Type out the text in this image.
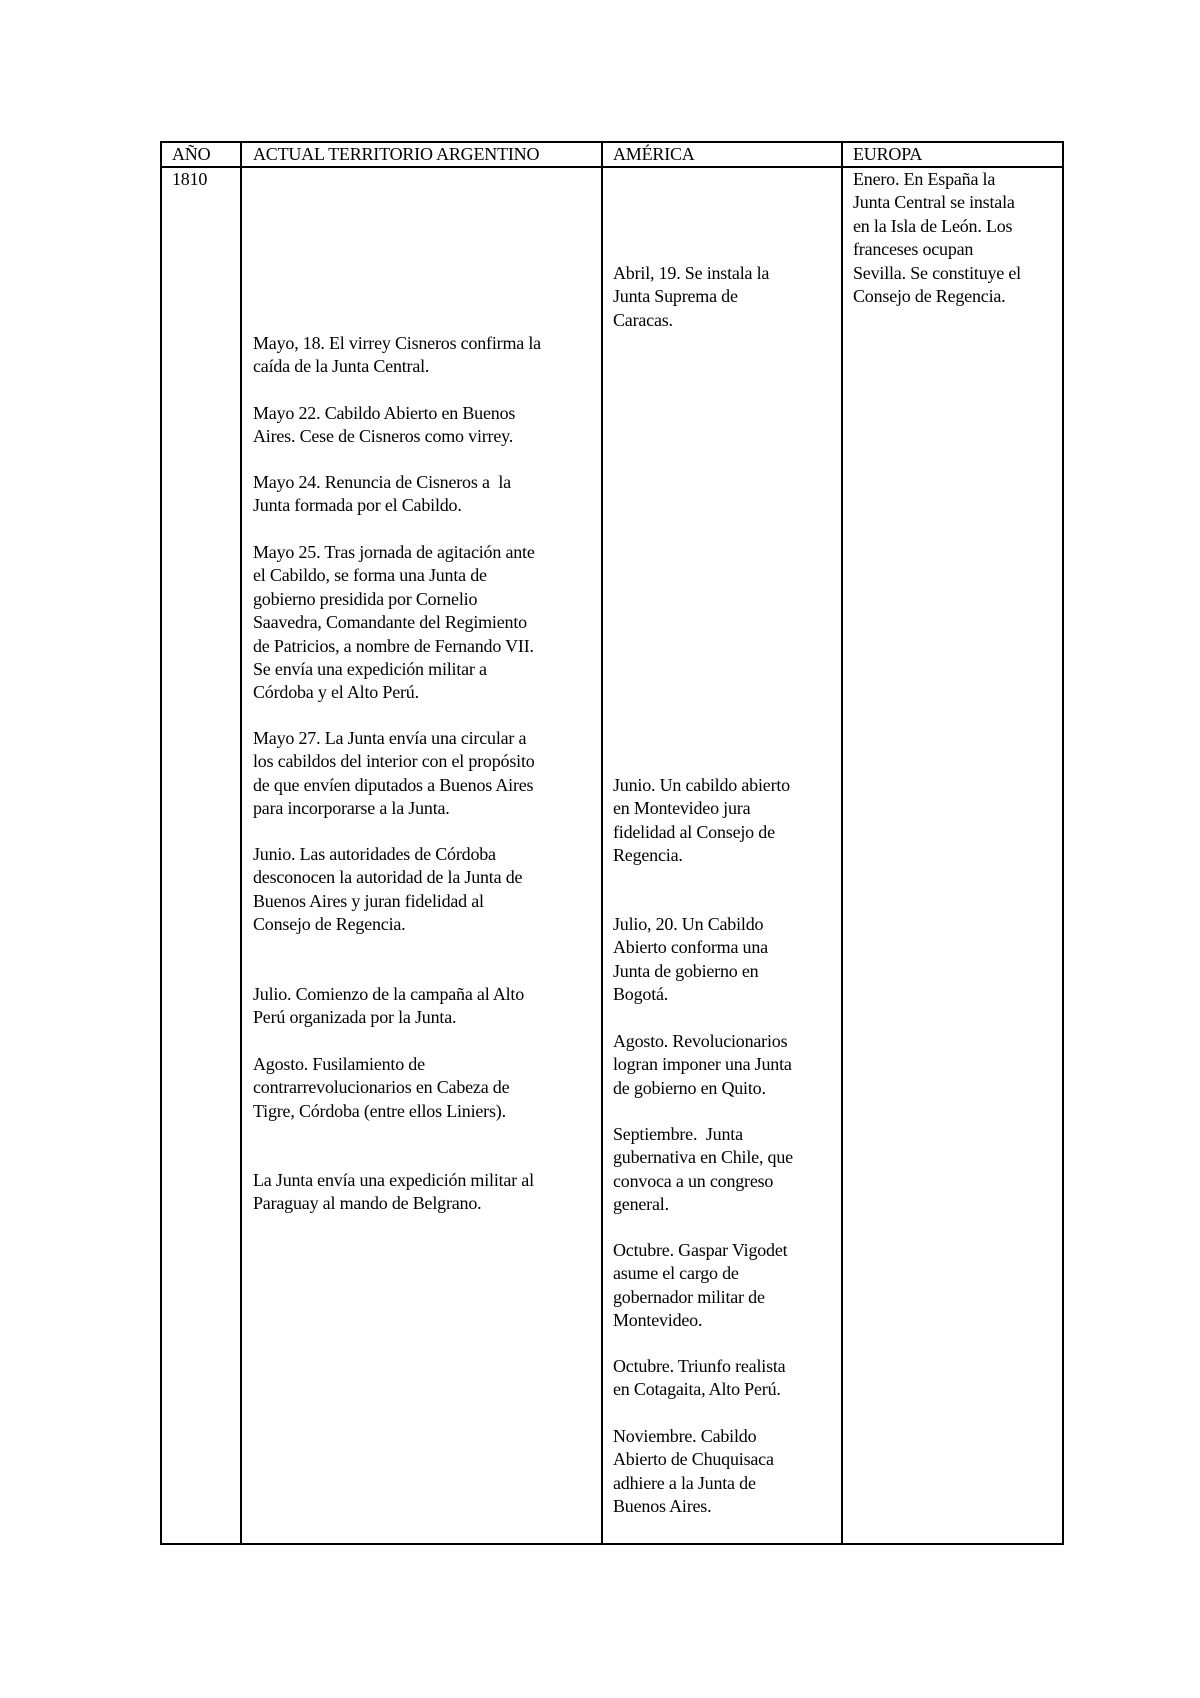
AÑO ACTUAL TERRITORIO ARGENTINO	AMÉRICA	EUROPA
1810
Mayo, 18. El virrey Cisneros confirma la
caída de la Junta Central.
Mayo 22. Cabildo Abierto en Buenos
Aires. Cese de Cisneros como virrey.
Mayo 24. Renuncia de Cisneros a  la
Junta formada por el Cabildo.
Mayo 25. Tras jornada de agitación ante
el Cabildo, se forma una Junta de
gobierno presidida por Cornelio
Saavedra, Comandante del Regimiento
de Patricios, a nombre de Fernando VII.
Se envía una expedición militar a
Córdoba y el Alto Perú.
Mayo 27. La Junta envía una circular a
los cabildos del interior con el propósito
de que envíen diputados a Buenos Aires
para incorporarse a la Junta.
Junio. Las autoridades de Córdoba
desconocen la autoridad de la Junta de
Buenos Aires y juran fidelidad al
Consejo de Regencia.
Julio. Comienzo de la campaña al Alto
Perú organizada por la Junta.
Agosto. Fusilamiento de
contrarrevolucionarios en Cabeza de
Tigre, Córdoba (entre ellos Liniers).
La Junta envía una expedición militar al
Paraguay al mando de Belgrano.
Abril, 19. Se instala la
Junta Suprema de
Caracas.
Junio. Un cabildo abierto
en Montevideo jura
fidelidad al Consejo de
Regencia.
Julio, 20. Un Cabildo
Abierto conforma una
Junta de gobierno en
Bogotá.
Agosto. Revolucionarios
logran imponer una Junta
de gobierno en Quito.
Septiembre.  Junta
gubernativa en Chile, que
convoca a un congreso
general.
Octubre. Gaspar Vigodet
asume el cargo de
gobernador militar de
Montevideo.
Octubre. Triunfo realista
en Cotagaita, Alto Perú.
Noviembre. Cabildo
Abierto de Chuquisaca
adhiere a la Junta de
Buenos Aires.
Enero. En España la
Junta Central se instala
en la Isla de León. Los
franceses ocupan
Sevilla. Se constituye el
Consejo de Regencia.
